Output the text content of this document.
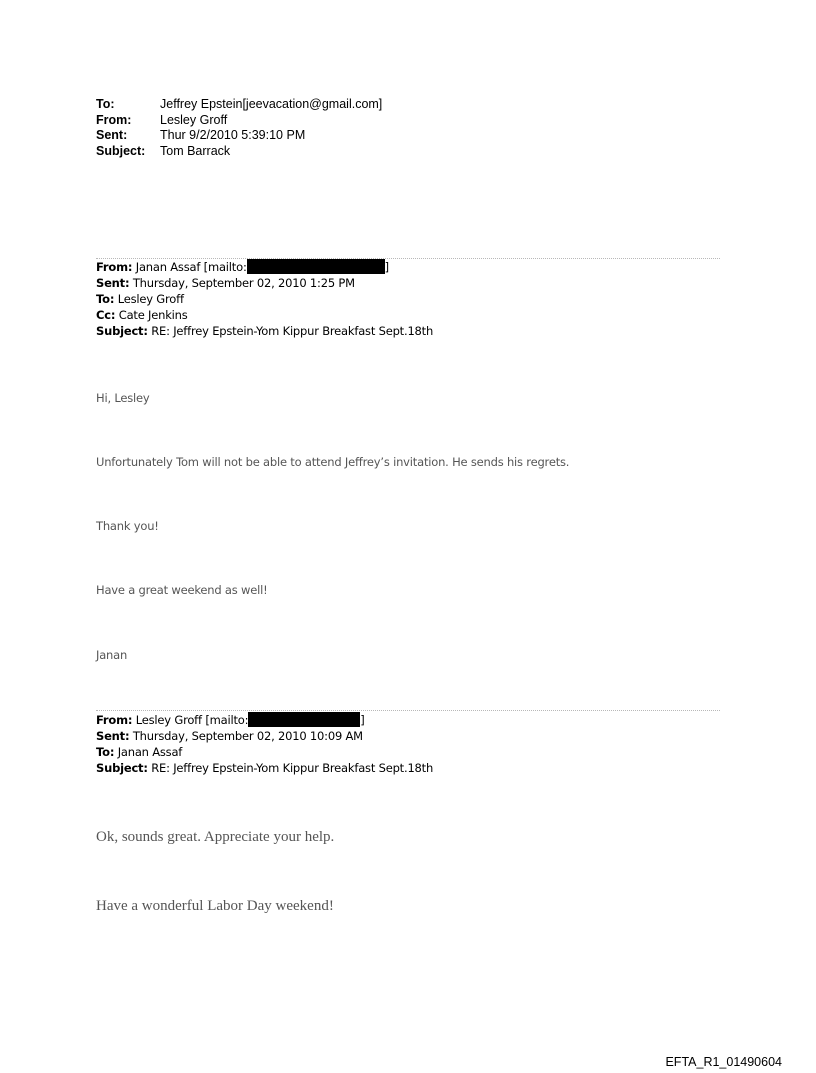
To:	Jeffrey Epstein[jeevacation@gmail.com]
From:	Lesley Groff
Sent:	Thur 9/2/2010 5:39:10 PM
Subject:	Tom Barrack
From: Janan Assaf [mailto:	]
Sent: Thursday, September 02, 2010 1:25 PM
To: Lesley Groff
Cc: Cate Jenkins
Subject: RE: Jeffrey Epstein-Yom Kippur Breakfast Sept.18th
Hi, Lesley
Unfortunately Tom will not be able to attend Jeffrey’s invitation. He sends his regrets.
Thank you!
Have a great weekend as well!
Janan
From: Lesley Groff [mailto:	]
Sent: Thursday, September 02, 2010 10:09 AM
To: Janan Assaf
Subject: RE: Jeffrey Epstein-Yom Kippur Breakfast Sept.18th
Ok, sounds great. Appreciate your help.
Have a wonderful Labor Day weekend!
EFTA_R1_01490604
